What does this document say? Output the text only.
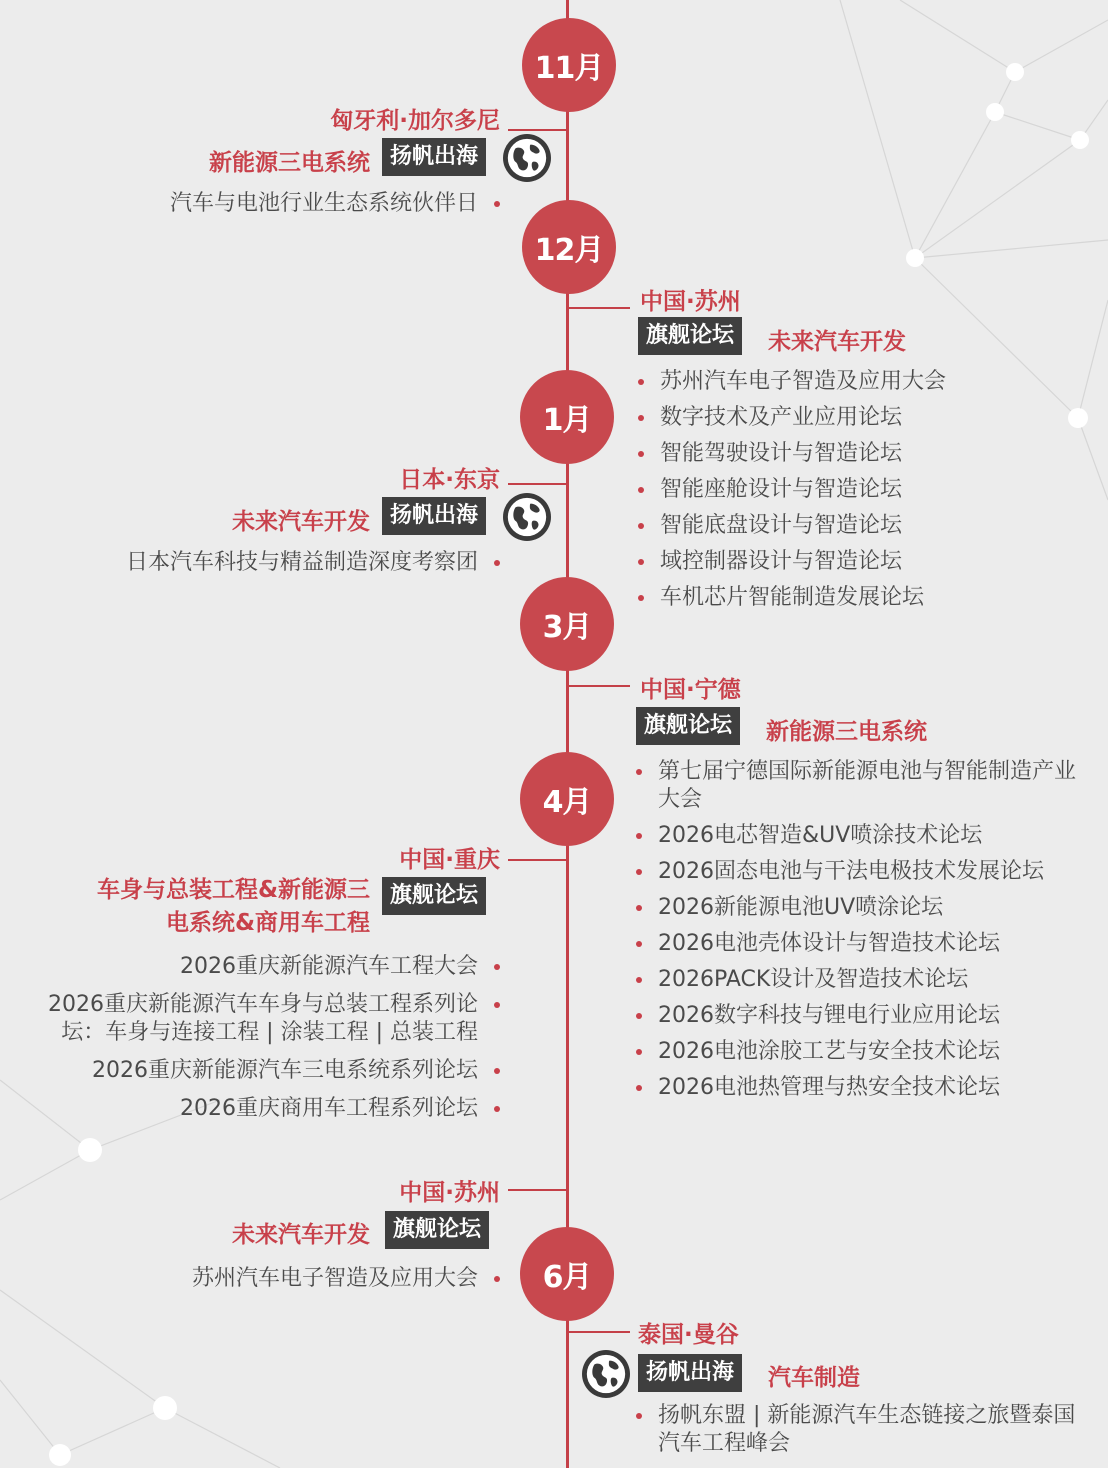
11月
12月
1月
3月
4月
6月
匈牙利·加尔多尼
新能源三电系统 扬帆出海
汽车与电池行业生态系统伙伴日
中国·苏州
旗舰论坛	未来汽车开发
苏州汽车电子智造及应用大会
数字技术及产业应用论坛
智能驾驶设计与智造论坛
智能座舱设计与智造论坛
智能底盘设计与智造论坛
域控制器设计与智造论坛
车机芯片智能制造发展论坛
日本·东京
未来汽车开发 扬帆出海
日本汽车科技与精益制造深度考察团
中国·宁德
旗舰论坛	新能源三电系统
第七届宁德国际新能源电池与智能制造产业大会
2026电芯智造&UV喷涂技术论坛
2026固态电池与干法电极技术发展论坛
2026新能源电池UV喷涂论坛
2026电池壳体设计与智造技术论坛
2026PACK设计及智造技术论坛
2026数字科技与锂电行业应用论坛
2026电池涂胶工艺与安全技术论坛
2026电池热管理与热安全技术论坛
中国·重庆
车身与总装工程&新能源三电系统&商用车工程
旗舰论坛
2026重庆新能源汽车工程大会
2026重庆新能源汽车车身与总装工程系列论坛：车身与连接工程 | 涂装工程 | 总装工程
2026重庆新能源汽车三电系统系列论坛
2026重庆商用车工程系列论坛
中国·苏州
未来汽车开发	旗舰论坛
苏州汽车电子智造及应用大会
泰国·曼谷
扬帆出海	汽车制造
扬帆东盟 | 新能源汽车生态链接之旅暨泰国汽车工程峰会
